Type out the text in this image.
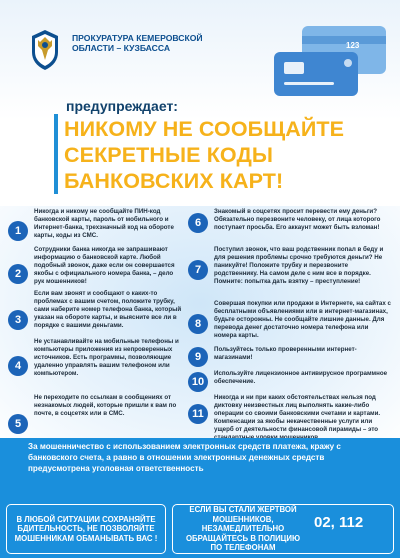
ПРОКУРАТУРА КЕМЕРОВСКОЙ ОБЛАСТИ – КУЗБАССА	123
предупреждает:
НИКОМУ НЕ СООБЩАЙТЕ СЕКРЕТНЫЕ КОДЫ БАНКОВСКИХ КАРТ!
1
Никогда и никому не сообщайте ПИН-код банковской карты, пароль от мобильного и Интернет-банка, трехзначный код на обороте карты, коды из СМС.
2
Сотрудники банка никогда не запрашивают информацию о банковской карте. Любой подобный звонок, даже если он совершается якобы с официального номера банка, – дело рук мошенников!
3
Если вам звонят и сообщают о каких-то проблемах с вашим счетом, положите трубку, сами наберите номер телефона банка, который указан на обороте карты, и выясните все ли в порядке с вашими деньгами.
4
Не устанавливайте на мобильные телефоны и компьютеры приложения из непроверенных источников. Есть программы, позволяющие удаленно управлять вашим телефоном или компьютером.
5
Не переходите по ссылкам в сообщениях от незнакомых людей, которые пришли к вам по почте, в соцсетях или в СМС.
6
Знакомый в соцсетях просит перевести ему деньги? Обязательно перезвоните человеку, от лица которого поступает просьба. Его аккаунт может быть взломан!
7
Поступил звонок, что ваш родственник попал в беду и для решения проблемы срочно требуются деньги? Не паникуйте! Положите трубку и перезвоните родственнику. На самом деле с ним все в порядке. Помните: попытка дать взятку – преступление!
8
Совершая покупки или продажи в Интернете, на сайтах с бесплатными объявлениями или в интернет-магазинах, будьте осторожны. Не сообщайте лишние данные. Для перевода денег достаточно номера телефона или номера карты.
9
Пользуйтесь только проверенными интернет-магазинами!
10
Используйте лицензионное антивирусное программное обеспечение.
11
Никогда и ни при каких обстоятельствах нельзя под диктовку неизвестных лиц выполнять какие-либо операции со своими банковскими счетами и картами. Компенсации за якобы некачественные услуги или ущерб от деятельности финансовой пирамиды – это
За мошенничество с использованием электронных средств платежа, кражу с банковского счета, а равно в отношении электронных денежных средств предусмотрена уголовная ответственность
В ЛЮБОЙ СИТУАЦИИ СОХРАНЯЙТЕ БДИТЕЛЬНОСТЬ, НЕ ПОЗВОЛЯЙТЕ МОШЕННИКАМ ОБМАНЫВАТЬ ВАС !
ЕСЛИ ВЫ СТАЛИ ЖЕРТВОЙ МОШЕННИКОВ, НЕЗАМЕДЛИТЕЛЬНО ОБРАЩАЙТЕСЬ В ПОЛИЦИЮ ПО ТЕЛЕФОНАМ
02, 112
